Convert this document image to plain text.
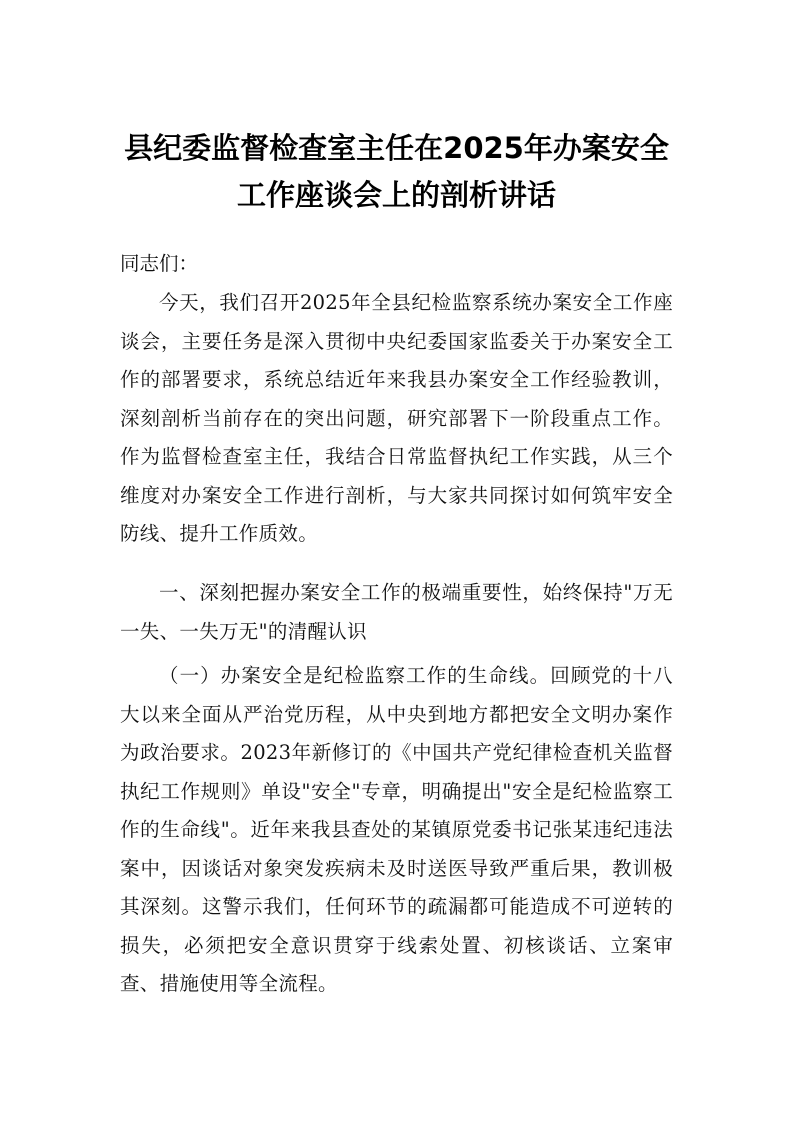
县纪委监督检查室主任在2025年办案安全
工作座谈会上的剖析讲话

同志们：

今天，我们召开2025年全县纪检监察系统办案安全工作座谈会，主要任务是深入贯彻中央纪委国家监委关于办案安全工作的部署要求，系统总结近年来我县办案安全工作经验教训，深刻剖析当前存在的突出问题，研究部署下一阶段重点工作。作为监督检查室主任，我结合日常监督执纪工作实践，从三个维度对办案安全工作进行剖析，与大家共同探讨如何筑牢安全防线、提升工作质效。

一、深刻把握办案安全工作的极端重要性，始终保持"万无一失、一失万无"的清醒认识

（一）办案安全是纪检监察工作的生命线。回顾党的十八大以来全面从严治党历程，从中央到地方都把安全文明办案作为政治要求。2023年新修订的《中国共产党纪律检查机关监督执纪工作规则》单设"安全"专章，明确提出"安全是纪检监察工作的生命线"。近年来我县查处的某镇原党委书记张某违纪违法案中，因谈话对象突发疾病未及时送医导致严重后果，教训极其深刻。这警示我们，任何环节的疏漏都可能造成不可逆转的损失，必须把安全意识贯穿于线索处置、初核谈话、立案审查、措施使用等全流程。
